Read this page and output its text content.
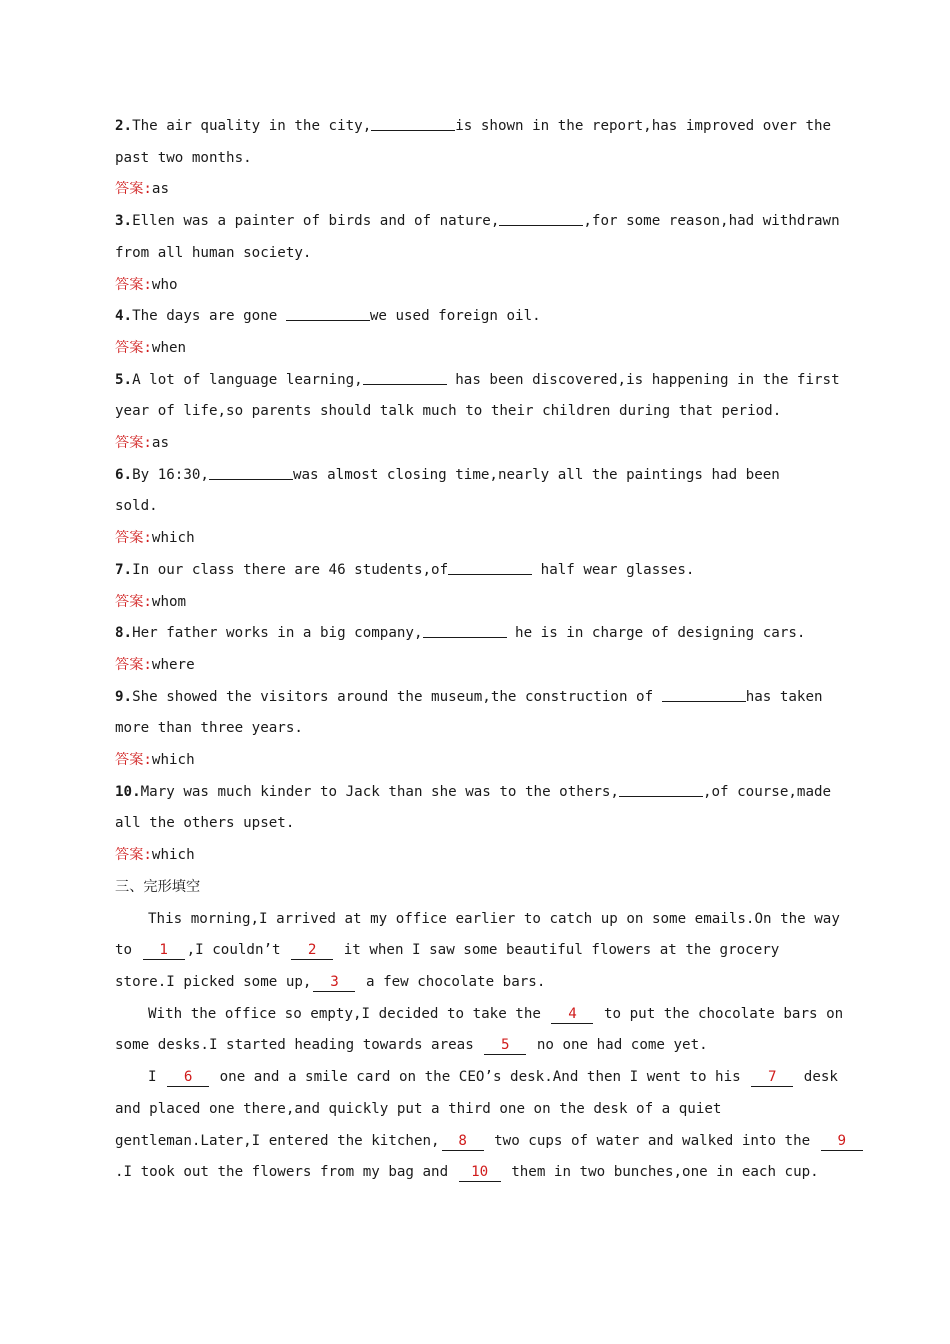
2.The air quality in the city,	is shown in the report,has improved over the
past two months.
答案:as
3.Ellen was a painter of birds and of nature,	,for some reason,had withdrawn
from all human society.
答案:who
4.The days are gone	we used foreign oil.
答案:when
5.A lot of language learning,	has been discovered,is happening in the first
year of life,so parents should talk much to their children during that period.
答案:as
6.By 16:30,	was almost closing time,nearly all the paintings had been
sold.
答案:which
7.In our class there are 46 students,of	half wear glasses.
答案:whom
8.Her father works in a big company,	he is in charge of designing cars.
答案:where
9.She showed the visitors around the museum,the construction of	has taken
more than three years.
答案:which
10.Mary was much kinder to Jack than she was to the others,	,of course,made
all the others upset.
答案:which
三、完形填空
This morning,I arrived at my office earlier to catch up on some emails.On the way
to 1 ,I couldn’t 2 it when I saw some beautiful flowers at the grocery
store.I picked some up, 3 a few chocolate bars.
With the office so empty,I decided to take the 4 to put the chocolate bars on
some desks.I started heading towards areas 5 no one had come yet.
I 6 one and a smile card on the CEO’s desk.And then I went to his 7 desk
and placed one there,and quickly put a third one on the desk of a quiet
gentleman.Later,I entered the kitchen, 8 two cups of water and walked into the 9
.I took out the flowers from my bag and 10 them in two bunches,one in each cup.
